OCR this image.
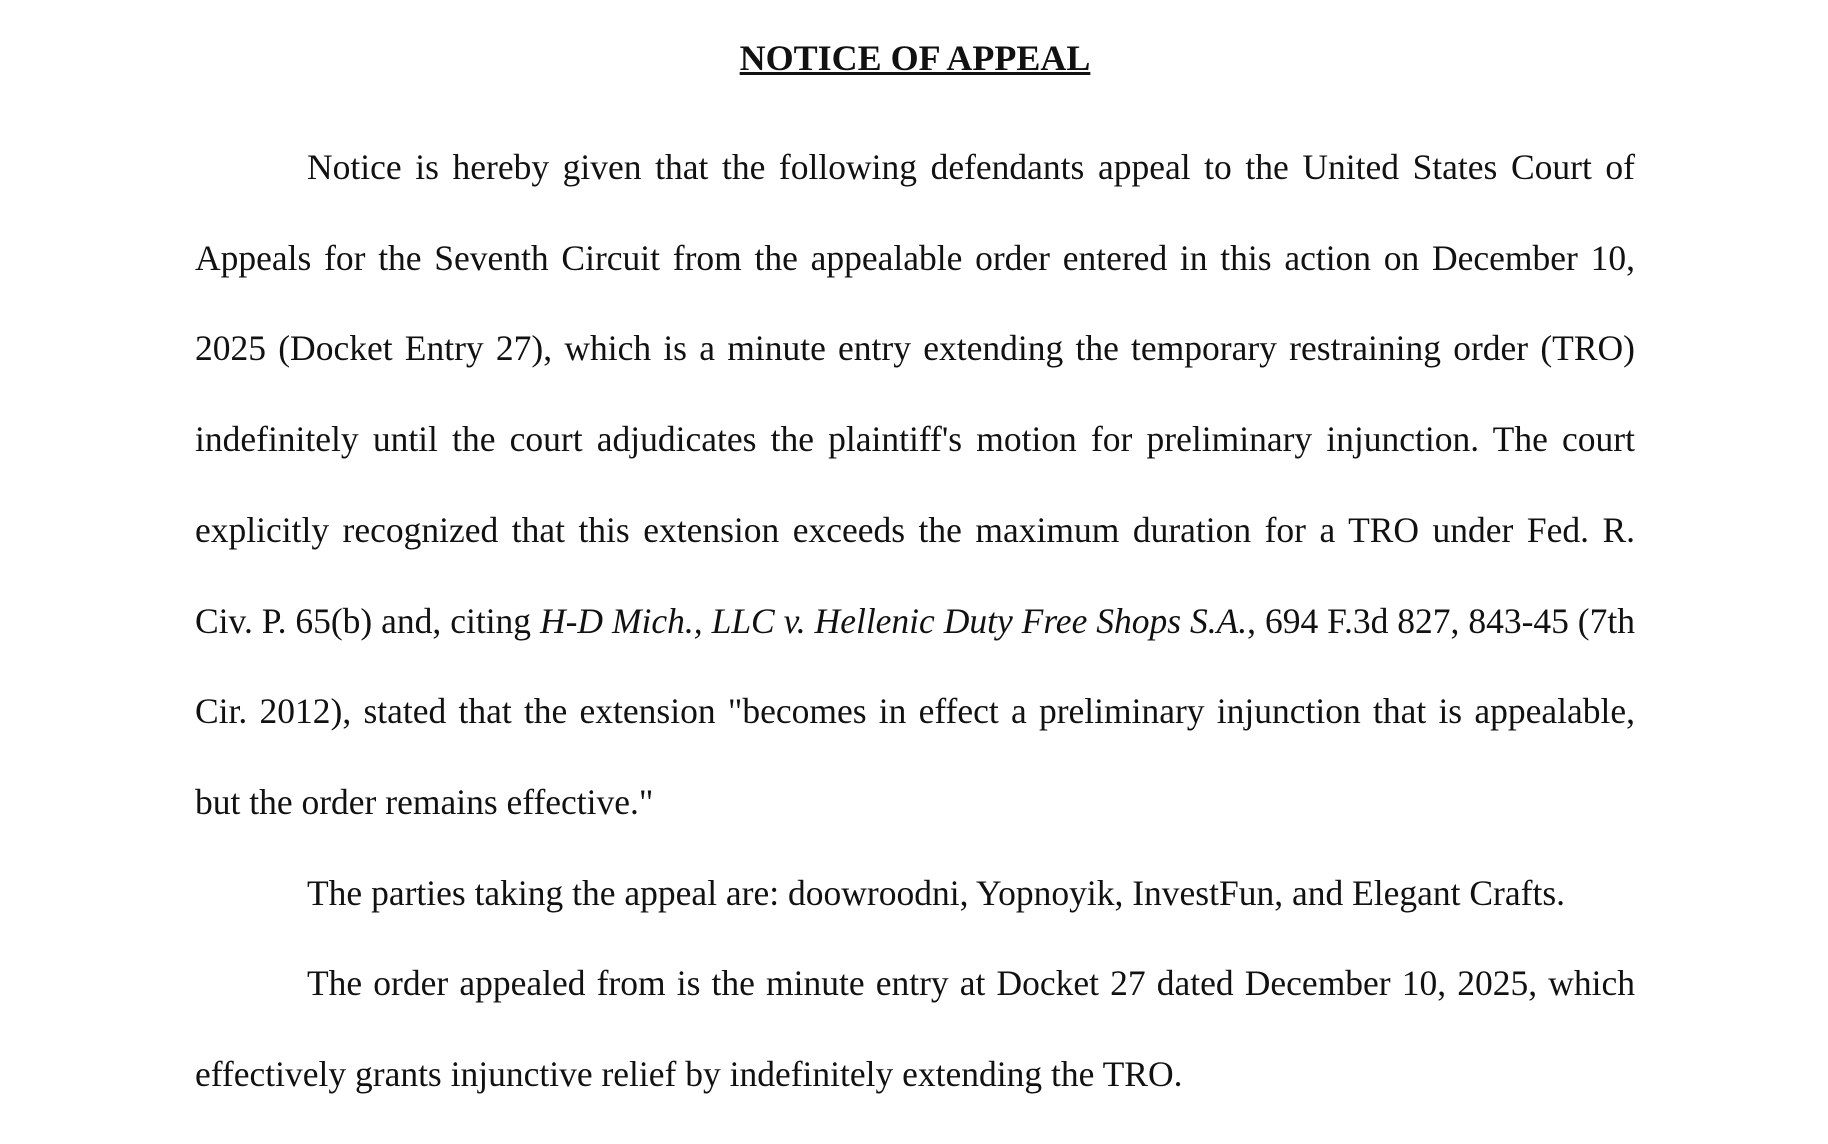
NOTICE OF APPEAL

Notice is hereby given that the following defendants appeal to the United States Court of Appeals for the Seventh Circuit from the appealable order entered in this action on December 10, 2025 (Docket Entry 27), which is a minute entry extending the temporary restraining order (TRO) indefinitely until the court adjudicates the plaintiff's motion for preliminary injunction. The court explicitly recognized that this extension exceeds the maximum duration for a TRO under Fed. R. Civ. P. 65(b) and, citing H-D Mich., LLC v. Hellenic Duty Free Shops S.A., 694 F.3d 827, 843-45 (7th Cir. 2012), stated that the extension "becomes in effect a preliminary injunction that is appealable, but the order remains effective."

The parties taking the appeal are: doowroodni, Yopnoyik, InvestFun, and Elegant Crafts.

The order appealed from is the minute entry at Docket 27 dated December 10, 2025, which effectively grants injunctive relief by indefinitely extending the TRO.
